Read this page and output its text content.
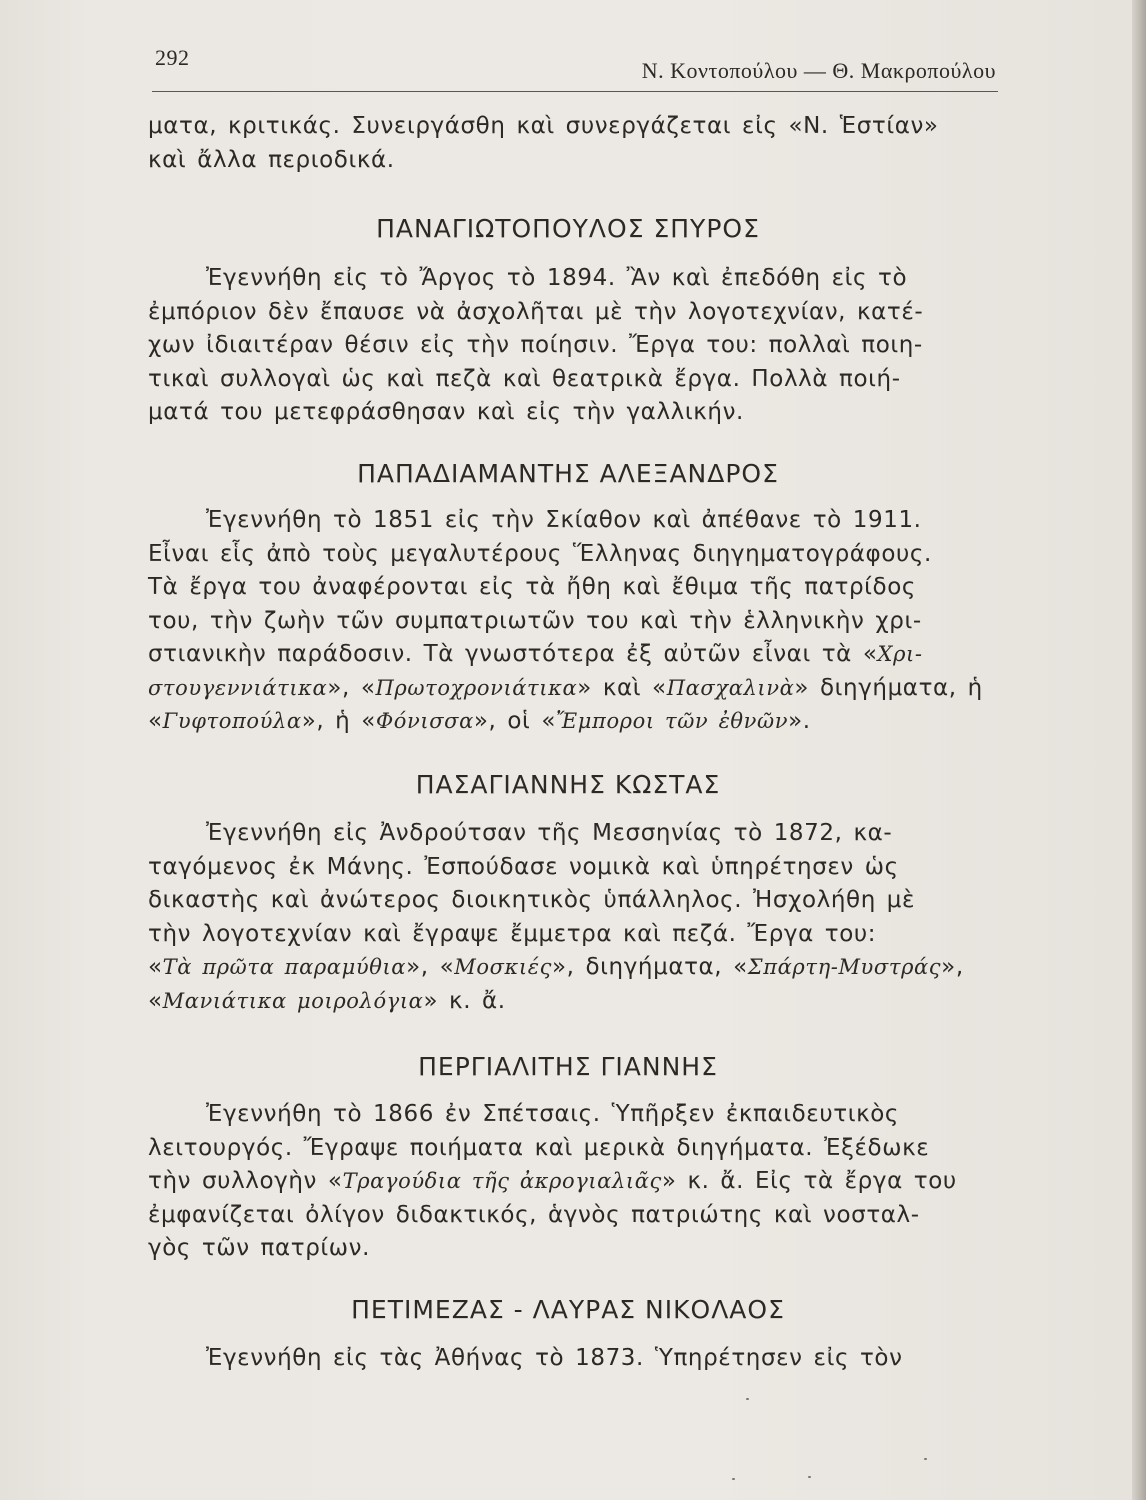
292
Ν. Κοντοπούλου — Θ. Μακροπούλου
ματα, κριτικάς. Συνειργάσθη καὶ συνεργάζεται εἰς «Ν. Ἑστίαν»
καὶ ἄλλα περιοδικά.
ΠΑΝΑΓΙΩΤΟΠΟΥΛΟΣ ΣΠΥΡΟΣ
Ἐγεννήθη εἰς τὸ Ἄργος τὸ 1894. Ἂν καὶ ἐπεδόθη εἰς τὸ
ἐμπόριον δὲν ἔπαυσε νὰ ἀσχολῆται μὲ τὴν λογοτεχνίαν, κατέ-
χων ἰδιαιτέραν θέσιν εἰς τὴν ποίησιν. Ἔργα του: πολλαὶ ποιη-
τικαὶ συλλογαὶ ὡς καὶ πεζὰ καὶ θεατρικὰ ἔργα. Πολλὰ ποιή-
ματά του μετεφράσθησαν καὶ εἰς τὴν γαλλικήν.
ΠΑΠΑΔΙΑΜΑΝΤΗΣ ΑΛΕΞΑΝΔΡΟΣ
Ἐγεννήθη τὸ 1851 εἰς τὴν Σκίαθον καὶ ἀπέθανε τὸ 1911.
Εἶναι εἷς ἀπὸ τοὺς μεγαλυτέρους Ἕλληνας διηγηματογράφους.
Τὰ ἔργα του ἀναφέρονται εἰς τὰ ἤθη καὶ ἔθιμα τῆς πατρίδος
του, τὴν ζωὴν τῶν συμπατριωτῶν του καὶ τὴν ἑλληνικὴν χρι-
στιανικὴν παράδοσιν. Τὰ γνωστότερα ἐξ αὐτῶν εἶναι τὰ «Χρι-
στουγεννιάτικα», «Πρωτοχρονιάτικα» καὶ «Πασχαλινὰ» διηγήματα, ἡ
«Γυφτοπούλα», ἡ «Φόνισσα», οἱ «Ἔμποροι τῶν ἐθνῶν».
ΠΑΣΑΓΙΑΝΝΗΣ ΚΩΣΤΑΣ
Ἐγεννήθη εἰς Ἀνδρούτσαν τῆς Μεσσηνίας τὸ 1872, κα-
ταγόμενος ἐκ Μάνης. Ἐσπούδασε νομικὰ καὶ ὑπηρέτησεν ὡς
δικαστὴς καὶ ἀνώτερος διοικητικὸς ὑπάλληλος. Ἠσχολήθη μὲ
τὴν λογοτεχνίαν καὶ ἔγραψε ἔμμετρα καὶ πεζά. Ἔργα του:
«Τὰ πρῶτα παραμύθια», «Μοσκιές», διηγήματα, «Σπάρτη-Μυστράς»,
«Μανιάτικα μοιρολόγια» κ. ἄ.
ΠΕΡΓΙΑΛΙΤΗΣ ΓΙΑΝΝΗΣ
Ἐγεννήθη τὸ 1866 ἐν Σπέτσαις. Ὑπῆρξεν ἐκπαιδευτικὸς
λειτουργός. Ἔγραψε ποιήματα καὶ μερικὰ διηγήματα. Ἐξέδωκε
τὴν συλλογὴν «Τραγούδια τῆς ἀκρογιαλιᾶς» κ. ἄ. Εἰς τὰ ἔργα του
ἐμφανίζεται ὀλίγον διδακτικός, ἁγνὸς πατριώτης καὶ νοσταλ-
γὸς τῶν πατρίων.
ΠΕΤΙΜΕΖΑΣ - ΛΑΥΡΑΣ ΝΙΚΟΛΑΟΣ
Ἐγεννήθη εἰς τὰς Ἀθήνας τὸ 1873. Ὑπηρέτησεν εἰς τὸν
